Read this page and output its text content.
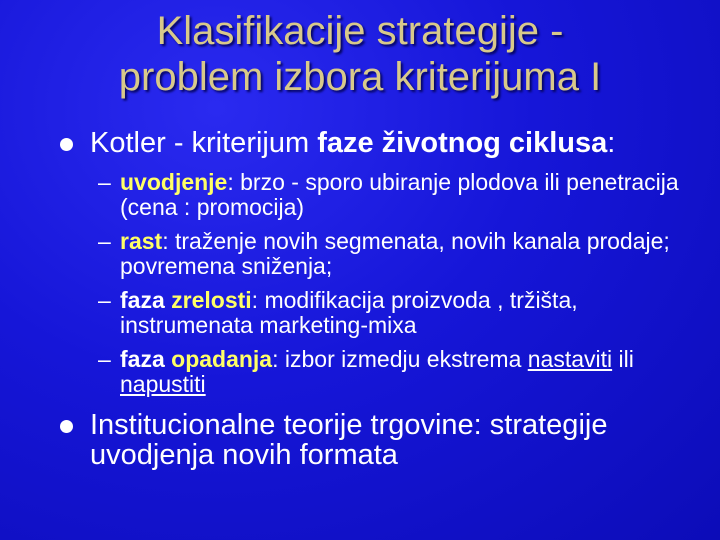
Klasifikacije strategije -
problem izbora kriterijuma I
Kotler - kriterijum faze životnog ciklusa:
– uvodjenje: brzo - sporo ubiranje plodova ili penetracija (cena : promocija)
– rast: traženje novih segmenata, novih kanala prodaje; povremena sniženja;
– faza zrelosti: modifikacija proizvoda , tržišta, instrumenata marketing-mixa
– faza opadanja: izbor izmedju ekstrema nastaviti ili napustiti
Institucionalne teorije trgovine: strategije uvodjenja novih formata
